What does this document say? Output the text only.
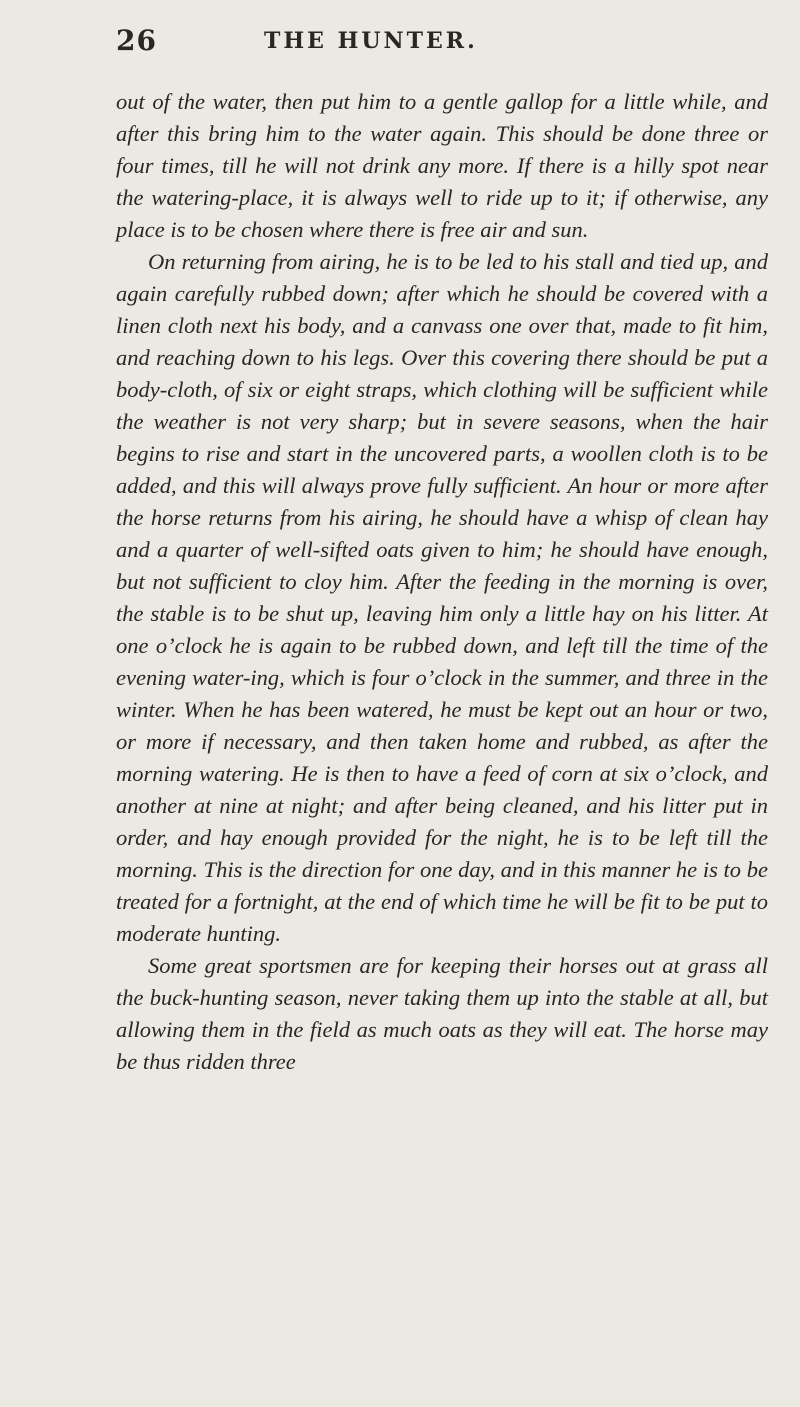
26	THE HUNTER.

out of the water, then put him to a gentle gallop for a little while, and after this bring him to the water again. This should be done three or four times, till he will not drink any more. If there is a hilly spot near the watering-place, it is always well to ride up to it; if otherwise, any place is to be chosen where there is free air and sun.

On returning from airing, he is to be led to his stall and tied up, and again carefully rubbed down; after which he should be covered with a linen cloth next his body, and a canvass one over that, made to fit him, and reaching down to his legs. Over this covering there should be put a body-cloth, of six or eight straps, which clothing will be sufficient while the weather is not very sharp; but in severe seasons, when the hair begins to rise and start in the uncovered parts, a woollen cloth is to be added, and this will always prove fully sufficient. An hour or more after the horse returns from his airing, he should have a whisp of clean hay and a quarter of well-sifted oats given to him; he should have enough, but not sufficient to cloy him. After the feeding in the morning is over, the stable is to be shut up, leaving him only a little hay on his litter. At one o’clock he is again to be rubbed down, and left till the time of the evening water-ing, which is four o’clock in the summer, and three in the winter. When he has been watered, he must be kept out an hour or two, or more if necessary, and then taken home and rubbed, as after the morning watering. He is then to have a feed of corn at six o’clock, and another at nine at night; and after being cleaned, and his litter put in order, and hay enough provided for the night, he is to be left till the morning. This is the direction for one day, and in this manner he is to be treated for a fortnight, at the end of which time he will be fit to be put to moderate hunting.

Some great sportsmen are for keeping their horses out at grass all the buck-hunting season, never taking them up into the stable at all, but allowing them in the field as much oats as they will eat. The horse may be thus ridden three
